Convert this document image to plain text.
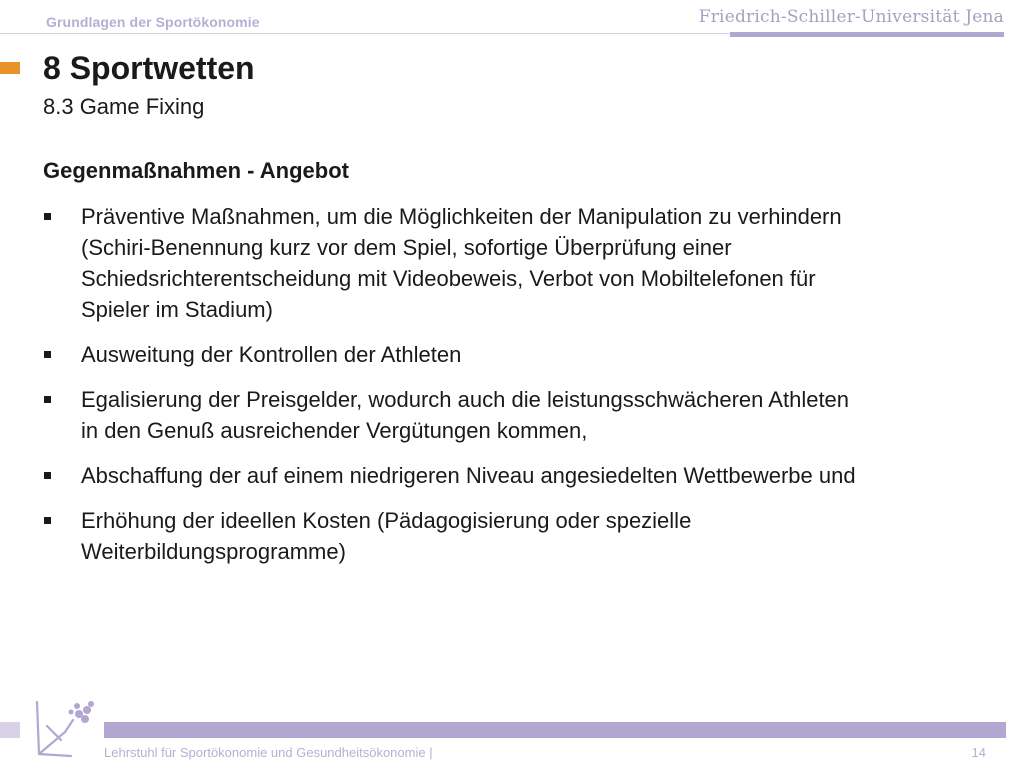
Grundlagen der Sportökonomie	Friedrich-Schiller-Universität Jena
8 Sportwetten
8.3 Game Fixing
Gegenmaßnahmen - Angebot
Präventive Maßnahmen, um die Möglichkeiten der Manipulation zu verhindern
(Schiri-Benennung kurz vor dem Spiel, sofortige Überprüfung einer
Schiedsrichterentscheidung mit Videobeweis, Verbot von Mobiltelefonen für
Spieler im Stadium)
Ausweitung der Kontrollen der Athleten
Egalisierung der Preisgelder, wodurch auch die leistungsschwächeren Athleten
in den Genuß ausreichender Vergütungen kommen,
Abschaffung der auf einem niedrigeren Niveau angesiedelten Wettbewerbe und
Erhöhung der ideellen Kosten (Pädagogisierung oder spezielle
Weiterbildungsprogramme)
Lehrstuhl für Sportökonomie und Gesundheitsökonomie |	14
